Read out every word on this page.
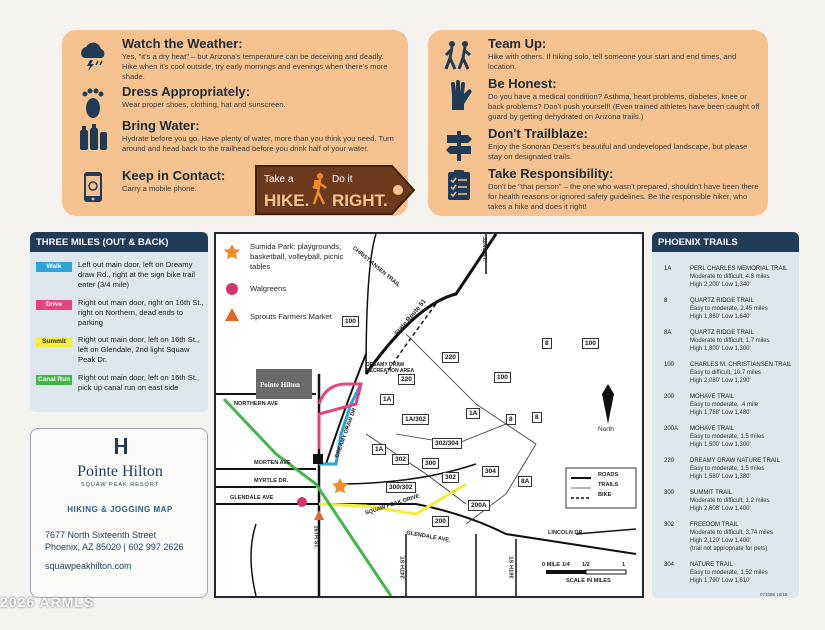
Watch the Weather:
Yes, "it's a dry heat" – but Arizona's temperature can be deceiving and deadly. Hike when it's cool outside, try early mornings and evenings when there's more shade.
Dress Appropriately:
Wear proper shoes, clothing, hat and sunscreen.
Bring Water:
Hydrate before you go. Have plenty of water, more than you think you need. Turn around and head back to the trailhead before you drink half of your water.
Keep in Contact:
Carry a mobile phone.
Take a
HIKE.
Do it
RIGHT.
Team Up:
Hike with others. If hiking solo, tell someone your start and end times, and location.
Be Honest:
Do you have a medical condition? Asthma, heart problems, diabetes, knee or back problems? Don't push yourself! (Even trained athletes have been caught off guard by getting dehydrated on Arizona trails.)
Don't Trailblaze:
Enjoy the Sonoran Desert's beautiful and undeveloped landscape, but please stay on designated trails.
Take Responsibility:
Don't be "that person" – the one who wasn't prepared, shouldn't have been there for health reasons or ignored safety guidelines. Be the responsible hiker, who takes a hike and does it right!
THREE MILES (OUT & BACK)
Walk	Left out main door, left on Dreamy draw Rd., right at the sign bike trail enter (3/4 mile)
Drive	Right out main door, right on 16th St., right on Northern, dead ends to parking
Summit	Right out main door, left on 16th St., left on Glendale, 2nd light Squaw Peak Dr.
Canal Run Right out main door, left on 16th St., pick up canal run on east side
Pointe Hilton
SQUAW PEAK RESORT
HIKING & JOGGING MAP
7677 North Sixteenth Street
Phoenix, AZ 85020 | 602 997 2626
squawpeakhilton.com
Sumida Park: playgrounds, basketball, volleyball, picnic tables
Walgreens
Sprouts Farmers Market
Pointe Hilton
NORTHERN AVE
MORTEN AVE
MYRTLE DR.
GLENDALE AVE
16TH ST.
DREAMY DRAW DR
SQUAW PEAK DRIVE
GLENDALE AVE.	LINCOLN DR.
24TH ST.
32ND ST.
36TH ST.
State Route 51
CHRISTIANSEN TRAIL
DREAMY DRAW RECREATION AREA
100
220
8	100
220	100
1A
1A/302
1A
8	8
1A
302
302/304
300
302
300/302
304
8A
200
200A
ROADS
TRAILS
BIKE
North
0 MILE 1/4 1/2	1
SCALE IN MILES
PHOENIX TRAILS
1A	PERL CHARLES MEMORIAL TRAIL
Moderate to difficult, 4.8 miles
High 2,200' Low 1,340'
8	QUARTZ RIDGE TRAIL
Easy to moderate, 2.45 miles
High 1,860' Low 1,640'
8A	QUARTZ RIDGE TRAIL
Moderate to difficult, 1.7 miles
High 1,800' Low 1,300'
100	CHARLES M. CHRISTIANSEN TRAIL
Easy to difficult, 10.7 miles
High 2,080' Low 1,290'
200	MOHAVE TRAIL
Easy to moderate, .4 mile
High 1,788' Low 1,480'
200A MOHAVE TRAIL
Easy to moderate, 1.5 miles
High 1,500' Low 1,300'
220	DREAMY DRAW NATURE TRAIL
Easy to moderate, 1.5 miles
High 1,580' Low 1,380'
300	SUMMIT TRAIL
Moderate to difficult, 1.2 miles
High 2,608' Low 1,400'
302	FREEDOM TRAIL
Moderate to difficult, 3.74 miles
High 2,120' Low 1,400'
(trail not appropriate for pets)
304	NATURE TRAIL
Easy to moderate, 1.52 miles
High 1,790' Low 1,610'
2026 ARMLS	071086 10/15
